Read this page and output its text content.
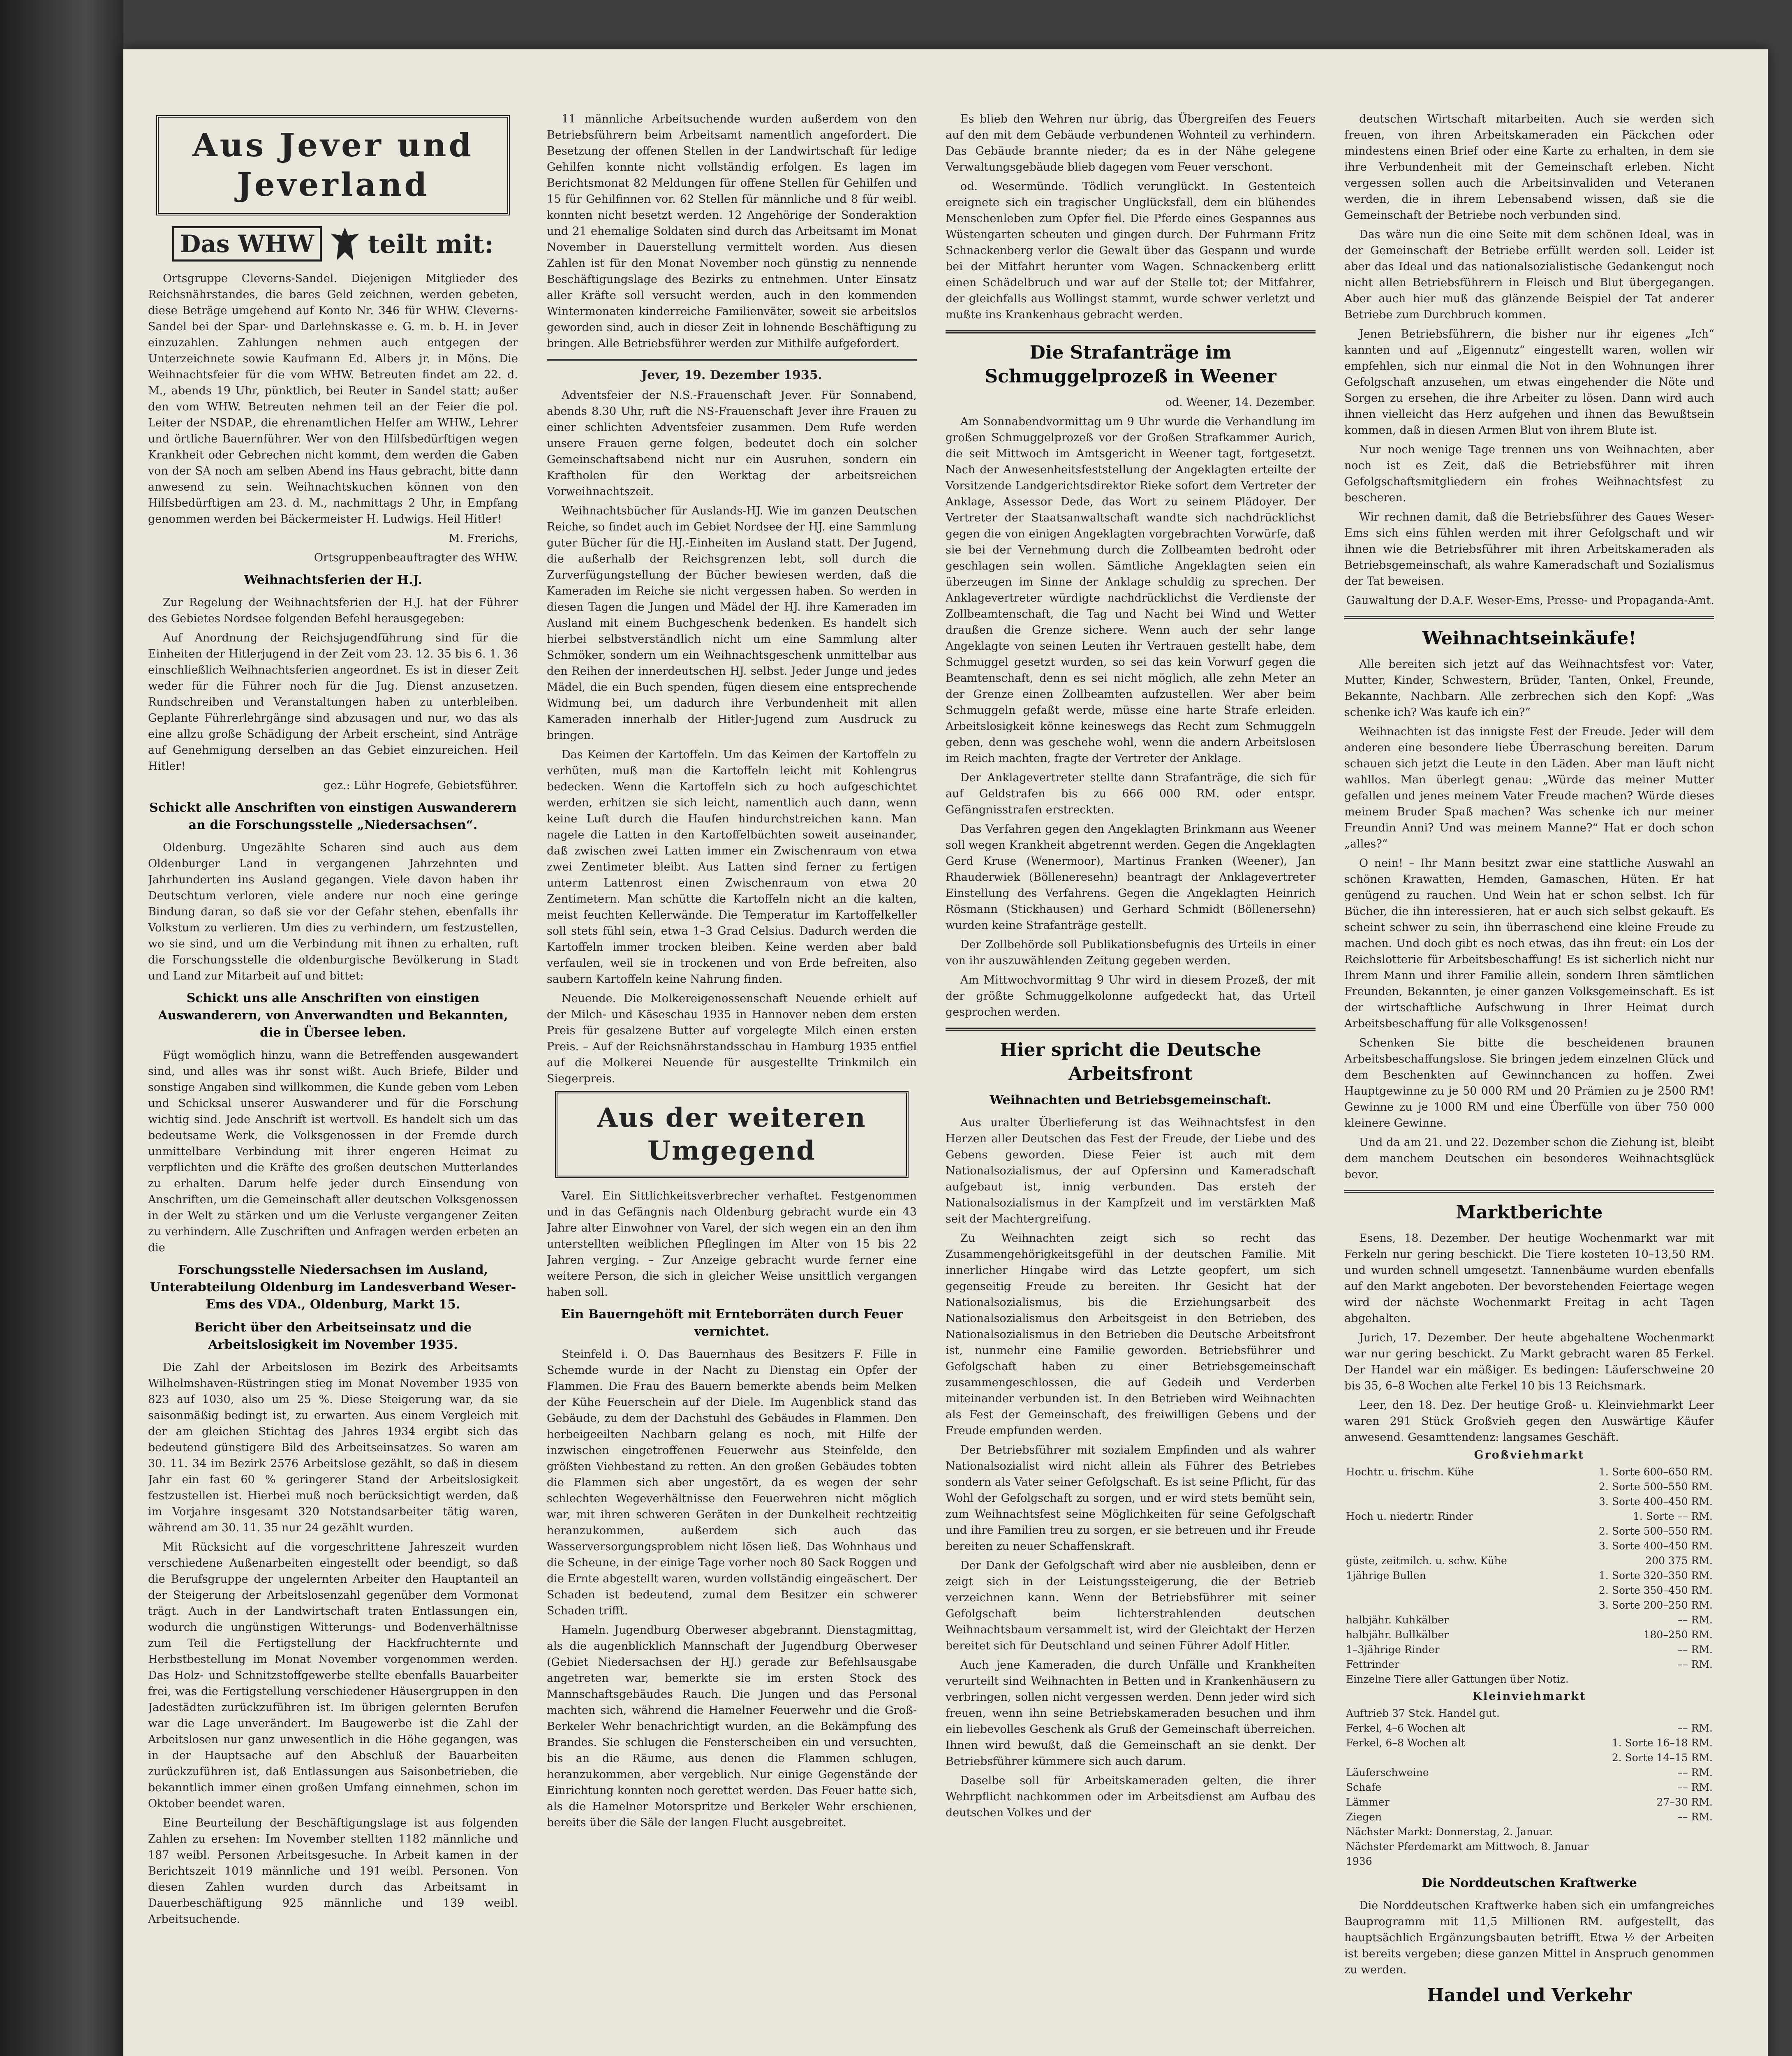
Aus Jever und Jeverland
Das WHW	teilt mit:

Ortsgruppe Cleverns-Sandel. Diejenigen Mitglieder des Reichsnährstandes, die bares Geld zeichnen, werden gebeten, diese Beträge umgehend auf Konto Nr. 346 für WHW. Cleverns-Sandel bei der Spar- und Darlehnskasse e. G. m. b. H. in Jever einzuzahlen. Zahlungen nehmen auch entgegen der Unterzeichnete sowie Kaufmann Ed. Albers jr. in Möns. Die Weihnachtsfeier für die vom WHW. Betreuten findet am 22. d. M., abends 19 Uhr, pünktlich, bei Reuter in Sandel statt; außer den vom WHW. Betreuten nehmen teil an der Feier die pol. Leiter der NSDAP., die ehrenamtlichen Helfer am WHW., Lehrer und örtliche Bauernführer. Wer von den Hilfsbedürftigen wegen Krankheit oder Gebrechen nicht kommt, dem werden die Gaben von der SA noch am selben Abend ins Haus gebracht, bitte dann anwesend zu sein. Weihnachtskuchen können von den Hilfsbedürftigen am 23. d. M., nachmittags 2 Uhr, in Empfang genommen werden bei Bäckermeister H. Ludwigs. Heil Hitler!

M. Frerichs,
Ortsgruppenbeauftragter des WHW.
Weihnachtsferien der H.J.

Zur Regelung der Weihnachtsferien der H.J. hat der Führer des Gebietes Nordsee folgenden Befehl herausgegeben:

Auf Anordnung der Reichsjugendführung sind für die Einheiten der Hitlerjugend in der Zeit vom 23. 12. 35 bis 6. 1. 36 einschließlich Weihnachtsferien angeordnet. Es ist in dieser Zeit weder für die Führer noch für die Jug. Dienst anzusetzen. Rundschreiben und Veranstaltungen haben zu unterbleiben. Geplante Führerlehrgänge sind abzusagen und nur, wo das als eine allzu große Schädigung der Arbeit erscheint, sind Anträge auf Genehmigung derselben an das Gebiet einzureichen. Heil Hitler!

gez.: Lühr Hogrefe, Gebietsführer.
Schickt alle Anschriften von einstigen Auswanderern an die Forschungsstelle „Niedersachsen“.

Oldenburg. Ungezählte Scharen sind auch aus dem Oldenburger Land in vergangenen Jahrzehnten und Jahrhunderten ins Ausland gegangen. Viele davon haben ihr Deutschtum verloren, viele andere nur noch eine geringe Bindung daran, so daß sie vor der Gefahr stehen, ebenfalls ihr Volkstum zu verlieren. Um dies zu verhindern, um festzustellen, wo sie sind, und um die Verbindung mit ihnen zu erhalten, ruft die Forschungsstelle die oldenburgische Bevölkerung in Stadt und Land zur Mitarbeit auf und bittet:

Schickt uns alle Anschriften von einstigen Auswanderern, von Anverwandten und Bekannten, die in Übersee leben.

Fügt womöglich hinzu, wann die Betreffenden ausgewandert sind, und alles was ihr sonst wißt. Auch Briefe, Bilder und sonstige Angaben sind willkommen, die Kunde geben vom Leben und Schicksal unserer Auswanderer und für die Forschung wichtig sind. Jede Anschrift ist wertvoll. Es handelt sich um das bedeutsame Werk, die Volksgenossen in der Fremde durch unmittelbare Verbindung mit ihrer engeren Heimat zu verpflichten und die Kräfte des großen deutschen Mutterlandes zu erhalten. Darum helfe jeder durch Einsendung von Anschriften, um die Gemeinschaft aller deutschen Volksgenossen in der Welt zu stärken und um die Verluste vergangener Zeiten zu verhindern. Alle Zuschriften und Anfragen werden erbeten an die

Forschungsstelle Niedersachsen im Ausland, Unterabteilung Oldenburg im Landesverband Weser-Ems des VDA., Oldenburg, Markt 15.
Bericht über den Arbeitseinsatz und die Arbeitslosigkeit im November 1935.

Die Zahl der Arbeitslosen im Bezirk des Arbeitsamts Wilhelmshaven-Rüstringen stieg im Monat November 1935 von 823 auf 1030, also um 25 %. Diese Steigerung war, da sie saisonmäßig bedingt ist, zu erwarten. Aus einem Vergleich mit der am gleichen Stichtag des Jahres 1934 ergibt sich das bedeutend günstigere Bild des Arbeitseinsatzes. So waren am 30. 11. 34 im Bezirk 2576 Arbeitslose gezählt, so daß in diesem Jahr ein fast 60 % geringerer Stand der Arbeitslosigkeit festzustellen ist. Hierbei muß noch berücksichtigt werden, daß im Vorjahre insgesamt 320 Notstandsarbeiter tätig waren, während am 30. 11. 35 nur 24 gezählt wurden.

Mit Rücksicht auf die vorgeschrittene Jahreszeit wurden verschiedene Außenarbeiten eingestellt oder beendigt, so daß die Berufsgruppe der ungelernten Arbeiter den Hauptanteil an der Steigerung der Arbeitslosenzahl gegenüber dem Vormonat trägt. Auch in der Landwirtschaft traten Entlassungen ein, wodurch die ungünstigen Witterungs- und Bodenverhältnisse zum Teil die Fertigstellung der Hackfruchternte und Herbstbestellung im Monat November vorgenommen werden. Das Holz- und Schnitzstoffgewerbe stellte ebenfalls Bauarbeiter frei, was die Fertigstellung verschiedener Häusergruppen in den Jadestädten zurückzuführen ist. Im übrigen gelernten Berufen war die Lage unverändert. Im Baugewerbe ist die Zahl der Arbeitslosen nur ganz unwesentlich in die Höhe gegangen, was in der Hauptsache auf den Abschluß der Bauarbeiten zurückzuführen ist, daß Entlassungen aus Saisonbetrieben, die bekanntlich immer einen großen Umfang einnehmen, schon im Oktober beendet waren.

Eine Beurteilung der Beschäftigungslage ist aus folgenden Zahlen zu ersehen: Im November stellten 1182 männliche und 187 weibl. Personen Arbeitsgesuche. In Arbeit kamen in der Berichtszeit 1019 männliche und 191 weibl. Personen. Von diesen Zahlen wurden durch das Arbeitsamt in Dauerbeschäftigung 925 männliche und 139 weibl. Arbeitsuchende.

11 männliche Arbeitsuchende wurden außerdem von den Betriebsführern beim Arbeitsamt namentlich angefordert. Die Besetzung der offenen Stellen in der Landwirtschaft für ledige Gehilfen konnte nicht vollständig erfolgen. Es lagen im Berichtsmonat 82 Meldungen für offene Stellen für Gehilfen und 15 für Gehilfinnen vor. 62 Stellen für männliche und 8 für weibl. konnten nicht besetzt werden. 12 Angehörige der Sonderaktion und 21 ehemalige Soldaten sind durch das Arbeitsamt im Monat November in Dauerstellung vermittelt worden. Aus diesen Zahlen ist für den Monat November noch günstig zu nennende Beschäftigungslage des Bezirks zu entnehmen. Unter Einsatz aller Kräfte soll versucht werden, auch in den kommenden Wintermonaten kinderreiche Familienväter, soweit sie arbeitslos geworden sind, auch in dieser Zeit in lohnende Beschäftigung zu bringen. Alle Betriebsführer werden zur Mithilfe aufgefordert.

Jever, 19. Dezember 1935.

Adventsfeier der N.S.-Frauenschaft Jever. Für Sonnabend, abends 8.30 Uhr, ruft die NS-Frauenschaft Jever ihre Frauen zu einer schlichten Adventsfeier zusammen. Dem Rufe werden unsere Frauen gerne folgen, bedeutet doch ein solcher Gemeinschaftsabend nicht nur ein Ausruhen, sondern ein Kraftholen für den Werktag der arbeitsreichen Vorweihnachtszeit.

Weihnachtsbücher für Auslands-HJ. Wie im ganzen Deutschen Reiche, so findet auch im Gebiet Nordsee der HJ. eine Sammlung guter Bücher für die HJ.-Einheiten im Ausland statt. Der Jugend, die außerhalb der Reichsgrenzen lebt, soll durch die Zurverfügungstellung der Bücher bewiesen werden, daß die Kameraden im Reiche sie nicht vergessen haben. So werden in diesen Tagen die Jungen und Mädel der HJ. ihre Kameraden im Ausland mit einem Buchgeschenk bedenken. Es handelt sich hierbei selbstverständlich nicht um eine Sammlung alter Schmöker, sondern um ein Weihnachtsgeschenk unmittelbar aus den Reihen der innerdeutschen HJ. selbst. Jeder Junge und jedes Mädel, die ein Buch spenden, fügen diesem eine entsprechende Widmung bei, um dadurch ihre Verbundenheit mit allen Kameraden innerhalb der Hitler-Jugend zum Ausdruck zu bringen.

Das Keimen der Kartoffeln. Um das Keimen der Kartoffeln zu verhüten, muß man die Kartoffeln leicht mit Kohlengrus bedecken. Wenn die Kartoffeln sich zu hoch aufgeschichtet werden, erhitzen sie sich leicht, namentlich auch dann, wenn keine Luft durch die Haufen hindurchstreichen kann. Man nagele die Latten in den Kartoffelbüchten soweit auseinander, daß zwischen zwei Latten immer ein Zwischenraum von etwa zwei Zentimeter bleibt. Aus Latten sind ferner zu fertigen unterm Lattenrost einen Zwischenraum von etwa 20 Zentimetern. Man schütte die Kartoffeln nicht an die kalten, meist feuchten Kellerwände. Die Temperatur im Kartoffelkeller soll stets fühl sein, etwa 1–3 Grad Celsius. Dadurch werden die Kartoffeln immer trocken bleiben. Keine werden aber bald verfaulen, weil sie in trockenen und von Erde befreiten, also saubern Kartoffeln keine Nahrung finden.

Neuende. Die Molkereigenossenschaft Neuende erhielt auf der Milch- und Käseschau 1935 in Hannover neben dem ersten Preis für gesalzene Butter auf vorgelegte Milch einen ersten Preis. – Auf der Reichsnährstandsschau in Hamburg 1935 entfiel auf die Molkerei Neuende für ausgestellte Trinkmilch ein Siegerpreis.

Aus der weiteren Umgegend

Varel. Ein Sittlichkeitsverbrecher verhaftet. Festgenommen und in das Gefängnis nach Oldenburg gebracht wurde ein 43 Jahre alter Einwohner von Varel, der sich wegen ein an den ihm unterstellten weiblichen Pfleglingen im Alter von 15 bis 22 Jahren verging. – Zur Anzeige gebracht wurde ferner eine weitere Person, die sich in gleicher Weise unsittlich vergangen haben soll.

Ein Bauerngehöft mit Ernteborräten durch Feuer vernichtet.

Steinfeld i. O. Das Bauernhaus des Besitzers F. Fille in Schemde wurde in der Nacht zu Dienstag ein Opfer der Flammen. Die Frau des Bauern bemerkte abends beim Melken der Kühe Feuerschein auf der Diele. Im Augenblick stand das Gebäude, zu dem der Dachstuhl des Gebäudes in Flammen. Den herbeigeeilten Nachbarn gelang es noch, mit Hilfe der inzwischen eingetroffenen Feuerwehr aus Steinfelde, den größten Viehbestand zu retten. An den großen Gebäudes tobten die Flammen sich aber ungestört, da es wegen der sehr schlechten Wegeverhältnisse den Feuerwehren nicht möglich war, mit ihren schweren Geräten in der Dunkelheit rechtzeitig heranzukommen, außerdem sich auch das Wasserversorgungsproblem nicht lösen ließ. Das Wohnhaus und die Scheune, in der einige Tage vorher noch 80 Sack Roggen und die Ernte abgestellt waren, wurden vollständig eingeäschert. Der Schaden ist bedeutend, zumal dem Besitzer ein schwerer Schaden trifft.

Hameln. Jugendburg Oberweser abgebrannt. Dienstagmittag, als die augenblicklich Mannschaft der Jugendburg Oberweser (Gebiet Niedersachsen der HJ.) gerade zur Befehlsausgabe angetreten war, bemerkte sie im ersten Stock des Mannschaftsgebäudes Rauch. Die Jungen und das Personal machten sich, während die Hamelner Feuerwehr und die Groß-Berkeler Wehr benachrichtigt wurden, an die Bekämpfung des Brandes. Sie schlugen die Fensterscheiben ein und versuchten, bis an die Räume, aus denen die Flammen schlugen, heranzukommen, aber vergeblich. Nur einige Gegenstände der Einrichtung konnten noch gerettet werden. Das Feuer hatte sich, als die Hamelner Motorspritze und Berkeler Wehr erschienen, bereits über die Säle der langen Flucht ausgebreitet.

Es blieb den Wehren nur übrig, das Übergreifen des Feuers auf den mit dem Gebäude verbundenen Wohnteil zu verhindern. Das Gebäude brannte nieder; da es in der Nähe gelegene Verwaltungsgebäude blieb dagegen vom Feuer verschont.

od. Wesermünde. Tödlich verunglückt. In Gestenteich ereignete sich ein tragischer Unglücksfall, dem ein blühendes Menschenleben zum Opfer fiel. Die Pferde eines Gespannes aus Wüstengarten scheuten und gingen durch. Der Fuhrmann Fritz Schnackenberg verlor die Gewalt über das Gespann und wurde bei der Mitfahrt herunter vom Wagen. Schnackenberg erlitt einen Schädelbruch und war auf der Stelle tot; der Mitfahrer, der gleichfalls aus Wollingst stammt, wurde schwer verletzt und mußte ins Krankenhaus gebracht werden.

Die Strafanträge im Schmuggelprozeß in Weener
od. Weener, 14. Dezember.

Am Sonnabendvormittag um 9 Uhr wurde die Verhandlung im großen Schmuggelprozeß vor der Großen Strafkammer Aurich, die seit Mittwoch im Amtsgericht in Weener tagt, fortgesetzt. Nach der Anwesenheitsfeststellung der Angeklagten erteilte der Vorsitzende Landgerichtsdirektor Rieke sofort dem Vertreter der Anklage, Assessor Dede, das Wort zu seinem Plädoyer. Der Vertreter der Staatsanwaltschaft wandte sich nachdrücklichst gegen die von einigen Angeklagten vorgebrachten Vorwürfe, daß sie bei der Vernehmung durch die Zollbeamten bedroht oder geschlagen sein wollen. Sämtliche Angeklagten seien ein überzeugen im Sinne der Anklage schuldig zu sprechen. Der Anklagevertreter würdigte nachdrücklichst die Verdienste der Zollbeamtenschaft, die Tag und Nacht bei Wind und Wetter draußen die Grenze sichere. Wenn auch der sehr lange Angeklagte von seinen Leuten ihr Vertrauen gestellt habe, dem Schmuggel gesetzt wurden, so sei das kein Vorwurf gegen die Beamtenschaft, denn es sei nicht möglich, alle zehn Meter an der Grenze einen Zollbeamten aufzustellen. Wer aber beim Schmuggeln gefaßt werde, müsse eine harte Strafe erleiden. Arbeitslosigkeit könne keineswegs das Recht zum Schmuggeln geben, denn was geschehe wohl, wenn die andern Arbeitslosen im Reich machten, fragte der Vertreter der Anklage.

Der Anklagevertreter stellte dann Strafanträge, die sich für auf Geldstrafen bis zu 666 000 RM. oder entspr. Gefängnisstrafen erstreckten.

Das Verfahren gegen den Angeklagten Brinkmann aus Weener soll wegen Krankheit abgetrennt werden. Gegen die Angeklagten Gerd Kruse (Wenermoor), Martinus Franken (Weener), Jan Rhauderwiek (Bölleneresehn) beantragt der Anklagevertreter Einstellung des Verfahrens. Gegen die Angeklagten Heinrich Rösmann (Stickhausen) und Gerhard Schmidt (Böllenersehn) wurden keine Strafanträge gestellt.

Der Zollbehörde soll Publikationsbefugnis des Urteils in einer von ihr auszuwählenden Zeitung gegeben werden.

Am Mittwochvormittag 9 Uhr wird in diesem Prozeß, der mit der größte Schmuggelkolonne aufgedeckt hat, das Urteil gesprochen werden.

Hier spricht die Deutsche Arbeitsfront
Weihnachten und Betriebsgemeinschaft.

Aus uralter Überlieferung ist das Weihnachtsfest in den Herzen aller Deutschen das Fest der Freude, der Liebe und des Gebens geworden. Diese Feier ist auch mit dem Nationalsozialismus, der auf Opfersinn und Kameradschaft aufgebaut ist, innig verbunden. Das ersteh der Nationalsozialismus in der Kampfzeit und im verstärkten Maß seit der Machtergreifung.

Zu Weihnachten zeigt sich so recht das Zusammengehörigkeitsgefühl in der deutschen Familie. Mit innerlicher Hingabe wird das Letzte geopfert, um sich gegenseitig Freude zu bereiten. Ihr Gesicht hat der Nationalsozialismus, bis die Erziehungsarbeit des Nationalsozialismus den Arbeitsgeist in den Betrieben, des Nationalsozialismus in den Betrieben die Deutsche Arbeitsfront ist, nunmehr eine Familie geworden. Betriebsführer und Gefolgschaft haben zu einer Betriebsgemeinschaft zusammengeschlossen, die auf Gedeih und Verderben miteinander verbunden ist. In den Betrieben wird Weihnachten als Fest der Gemeinschaft, des freiwilligen Gebens und der Freude empfunden werden.

Der Betriebsführer mit sozialem Empfinden und als wahrer Nationalsozialist wird nicht allein als Führer des Betriebes sondern als Vater seiner Gefolgschaft. Es ist seine Pflicht, für das Wohl der Gefolgschaft zu sorgen, und er wird stets bemüht sein, zum Weihnachtsfest seine Möglichkeiten für seine Gefolgschaft und ihre Familien treu zu sorgen, er sie betreuen und ihr Freude bereiten zu neuer Schaffenskraft.

Der Dank der Gefolgschaft wird aber nie ausbleiben, denn er zeigt sich in der Leistungssteigerung, die der Betrieb verzeichnen kann. Wenn der Betriebsführer mit seiner Gefolgschaft beim lichterstrahlenden deutschen Weihnachtsbaum versammelt ist, wird der Gleichtakt der Herzen bereitet sich für Deutschland und seinen Führer Adolf Hitler.

Auch jene Kameraden, die durch Unfälle und Krankheiten verurteilt sind Weihnachten in Betten und in Krankenhäusern zu verbringen, sollen nicht vergessen werden. Denn jeder wird sich freuen, wenn ihn seine Betriebskameraden besuchen und ihm ein liebevolles Geschenk als Gruß der Gemeinschaft überreichen. Ihnen wird bewußt, daß die Gemeinschaft an sie denkt. Der Betriebsführer kümmere sich auch darum.

Daselbe soll für Arbeitskameraden gelten, die ihrer Wehrpflicht nachkommen oder im Arbeitsdienst am Aufbau des deutschen Volkes und der

deutschen Wirtschaft mitarbeiten. Auch sie werden sich freuen, von ihren Arbeitskameraden ein Päckchen oder mindestens einen Brief oder eine Karte zu erhalten, in dem sie ihre Verbundenheit mit der Gemeinschaft erleben. Nicht vergessen sollen auch die Arbeitsinvaliden und Veteranen werden, die in ihrem Lebensabend wissen, daß sie die Gemeinschaft der Betriebe noch verbunden sind.

Das wäre nun die eine Seite mit dem schönen Ideal, was in der Gemeinschaft der Betriebe erfüllt werden soll. Leider ist aber das Ideal und das nationalsozialistische Gedankengut noch nicht allen Betriebsführern in Fleisch und Blut übergegangen. Aber auch hier muß das glänzende Beispiel der Tat anderer Betriebe zum Durchbruch kommen.

Jenen Betriebsführern, die bisher nur ihr eigenes „Ich“ kannten und auf „Eigennutz“ eingestellt waren, wollen wir empfehlen, sich nur einmal die Not in den Wohnungen ihrer Gefolgschaft anzusehen, um etwas eingehender die Nöte und Sorgen zu ersehen, die ihre Arbeiter zu lösen. Dann wird auch ihnen vielleicht das Herz aufgehen und ihnen das Bewußtsein kommen, daß in diesen Armen Blut von ihrem Blute ist.

Nur noch wenige Tage trennen uns von Weihnachten, aber noch ist es Zeit, daß die Betriebsführer mit ihren Gefolgschaftsmitgliedern ein frohes Weihnachtsfest zu bescheren.

Wir rechnen damit, daß die Betriebsführer des Gaues Weser-Ems sich eins fühlen werden mit ihrer Gefolgschaft und wir ihnen wie die Betriebsführer mit ihren Arbeitskameraden als Betriebsgemeinschaft, als wahre Kameradschaft und Sozialismus der Tat beweisen.

Gauwaltung der D.A.F. Weser-Ems, Presse- und Propaganda-Amt.
Weihnachtseinkäufe!

Alle bereiten sich jetzt auf das Weihnachtsfest vor: Vater, Mutter, Kinder, Schwestern, Brüder, Tanten, Onkel, Freunde, Bekannte, Nachbarn. Alle zerbrechen sich den Kopf: „Was schenke ich? Was kaufe ich ein?“

Weihnachten ist das innigste Fest der Freude. Jeder will dem anderen eine besondere liebe Überraschung bereiten. Darum schauen sich jetzt die Leute in den Läden. Aber man läuft nicht wahllos. Man überlegt genau: „Würde das meiner Mutter gefallen und jenes meinem Vater Freude machen? Würde dieses meinem Bruder Spaß machen? Was schenke ich nur meiner Freundin Anni? Und was meinem Manne?“ Hat er doch schon „alles?“

O nein! – Ihr Mann besitzt zwar eine stattliche Auswahl an schönen Krawatten, Hemden, Gamaschen, Hüten. Er hat genügend zu rauchen. Und Wein hat er schon selbst. Ich für Bücher, die ihn interessieren, hat er auch sich selbst gekauft. Es scheint schwer zu sein, ihn überraschend eine kleine Freude zu machen. Und doch gibt es noch etwas, das ihn freut: ein Los der Reichslotterie für Arbeitsbeschaffung! Es ist sicherlich nicht nur Ihrem Mann und ihrer Familie allein, sondern Ihren sämtlichen Freunden, Bekannten, je einer ganzen Volksgemeinschaft. Es ist der wirtschaftliche Aufschwung in Ihrer Heimat durch Arbeitsbeschaffung für alle Volksgenossen!

Schenken Sie bitte die bescheidenen braunen Arbeitsbeschaffungslose. Sie bringen jedem einzelnen Glück und dem Beschenkten auf Gewinnchancen zu hoffen. Zwei Hauptgewinne zu je 50 000 RM und 20 Prämien zu je 2500 RM! Gewinne zu je 1000 RM und eine Überfülle von über 750 000 kleinere Gewinne.

Und da am 21. und 22. Dezember schon die Ziehung ist, bleibt dem manchem Deutschen ein besonderes Weihnachtsglück bevor.

Marktberichte

Esens, 18. Dezember. Der heutige Wochenmarkt war mit Ferkeln nur gering beschickt. Die Tiere kosteten 10–13,50 RM. und wurden schnell umgesetzt. Tannenbäume wurden ebenfalls auf den Markt angeboten. Der bevorstehenden Feiertage wegen wird der nächste Wochenmarkt Freitag in acht Tagen abgehalten.

Jurich, 17. Dezember. Der heute abgehaltene Wochenmarkt war nur gering beschickt. Zu Markt gebracht waren 85 Ferkel. Der Handel war ein mäßiger. Es bedingen: Läuferschweine 20 bis 35, 6–8 Wochen alte Ferkel 10 bis 13 Reichsmark.

Leer, den 18. Dez. Der heutige Groß- u. Kleinviehmarkt Leer waren 291 Stück Großvieh gegen den Auswärtige Käufer anwesend. Gesamttendenz: langsames Geschäft.

Großviehmarkt
Hochtr. u. frischm. Kühe	1. Sorte 600–650 RM.
	2. Sorte 500–550 RM.
	3. Sorte 400–450 RM.
Hoch u. niedertr. Rinder	1. Sorte –– RM.
	2. Sorte 500–550 RM.
	3. Sorte 400–450 RM.
güste, zeitmilch. u. schw. Kühe	200 375 RM.
1jährige Bullen	1. Sorte 320–350 RM.
	2. Sorte 350–450 RM.
	3. Sorte 200–250 RM.
halbjähr. Kuhkälber	–– RM.
halbjähr. Bullkälber	180–250 RM.
1–3jährige Rinder	–– RM.
Fettrinder	–– RM.
Einzelne Tiere aller Gattungen über Notiz.	
Kleinviehmarkt
Auftrieb 37 Stck. Handel gut.	
Ferkel, 4–6 Wochen alt	–– RM.
Ferkel, 6–8 Wochen alt	1. Sorte 16–18 RM.
	2. Sorte 14–15 RM.
Läuferschweine	–– RM.
Schafe	–– RM.
Lämmer	27–30 RM.
Ziegen	–– RM.
Nächster Markt: Donnerstag, 2. Januar.	
Nächster Pferdemarkt am Mittwoch, 8. Januar 1936	
Die Norddeutschen Kraftwerke

Die Norddeutschen Kraftwerke haben sich ein umfangreiches Bauprogramm mit 11,5 Millionen RM. aufgestellt, das hauptsächlich Ergänzungsbauten betrifft. Etwa ½ der Arbeiten ist bereits vergeben; diese ganzen Mittel in Anspruch genommen zu werden.

Handel und Verkehr
